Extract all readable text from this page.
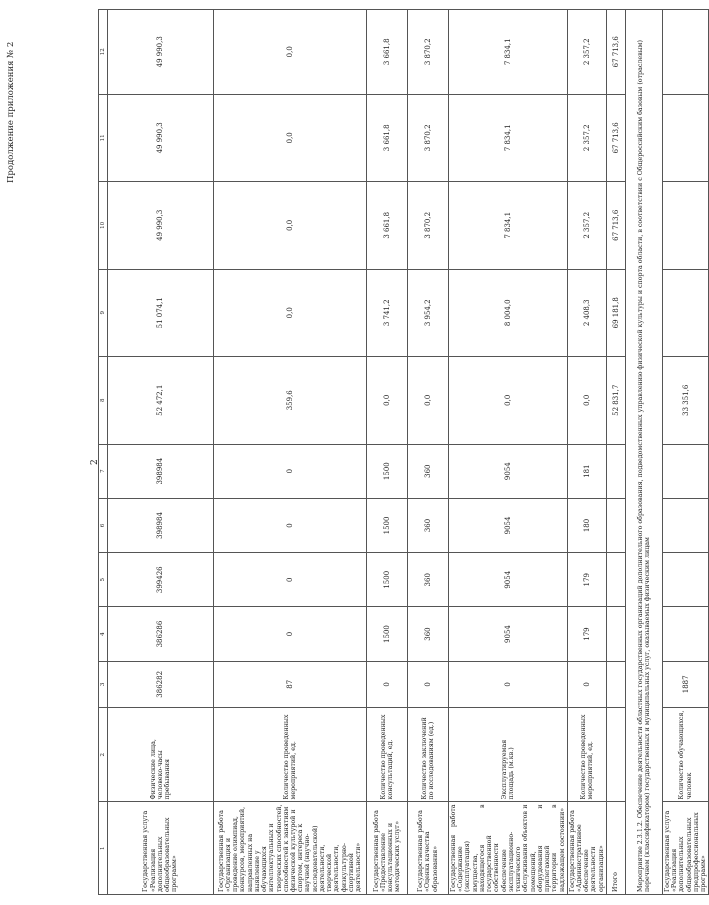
Продолжение приложения № 2
2
1	2	3	4	5	6	7	8	9	10	11	12
Государственная услуга «Реализация дополнительных общеобразовательных программ»	Физические лица, человеко-часы пребывания	386282	386286	399426	398984	398984	52 472,1	51 074,1	49 990,3	49 990,3	49 990,3
Государственная работа «Организация и проведение олимпиад, конкурсов, мероприятий, направленных на выявление у обучающихся интеллектуальных и творческих способностей, способностей к занятиям физической культурой и спортом, интереса к научной (научно-исследовательской) деятельности, творческой деятельности, физкультурно-спортивной деятельности»	Количество проведенных мероприятий, ед.	87	0	0	0	0	359,6	0,0	0,0	0,0	0,0
Государственная работа «Предоставление консультационных и методических услуг»	Количество проведенных консультаций, ед.	0	1500	1500	1500	1500	0,0	3 741,2	3 661,8	3 661,8	3 661,8
Государственная работа «Оценка качества образования»	Количество заключений по исследованиям (ед.)	0	360	360	360	360	0,0	3 954,2	3 870,2	3 870,2	3 870,2
Государственная работа «Содержание (эксплуатация) имущества, находящегося в государственной собственности обеспечение эксплуатационно-технического обслуживания объектов и помещений, оборудования и прилегающей территории в надлежащем состоянии»	Эксплуатируемая площадь (м.кв.)	0	9054	9054	9054	9054	0,0	8 004,0	7 834,1	7 834,1	7 834,1
Государственная работа «Административное обеспечение деятельности организации»	Количество проведенных мероприятий, ед.	0	179	179	180	181	0,0	2 408,3	2 357,2	2 357,2	2 357,2
Итого							52 831,7	69 181,8	67 713,6	67 713,6	67 713,6
Мероприятие 2.3.1.2. Обеспечение деятельности областных государственных организаций дополнительного образования, подведомственных управлению физической культуры и спорта области, в соответствии с Общероссийским базовым (отраслевым) перечнем (классификатором) государственных и муниципальных услуг, оказываемых физическим лицам											
Государственная услуга «Реализация дополнительных общеобразовательных предпрофессиональных программ»	Количество обучающихся, человек	1887					33 351,6				
